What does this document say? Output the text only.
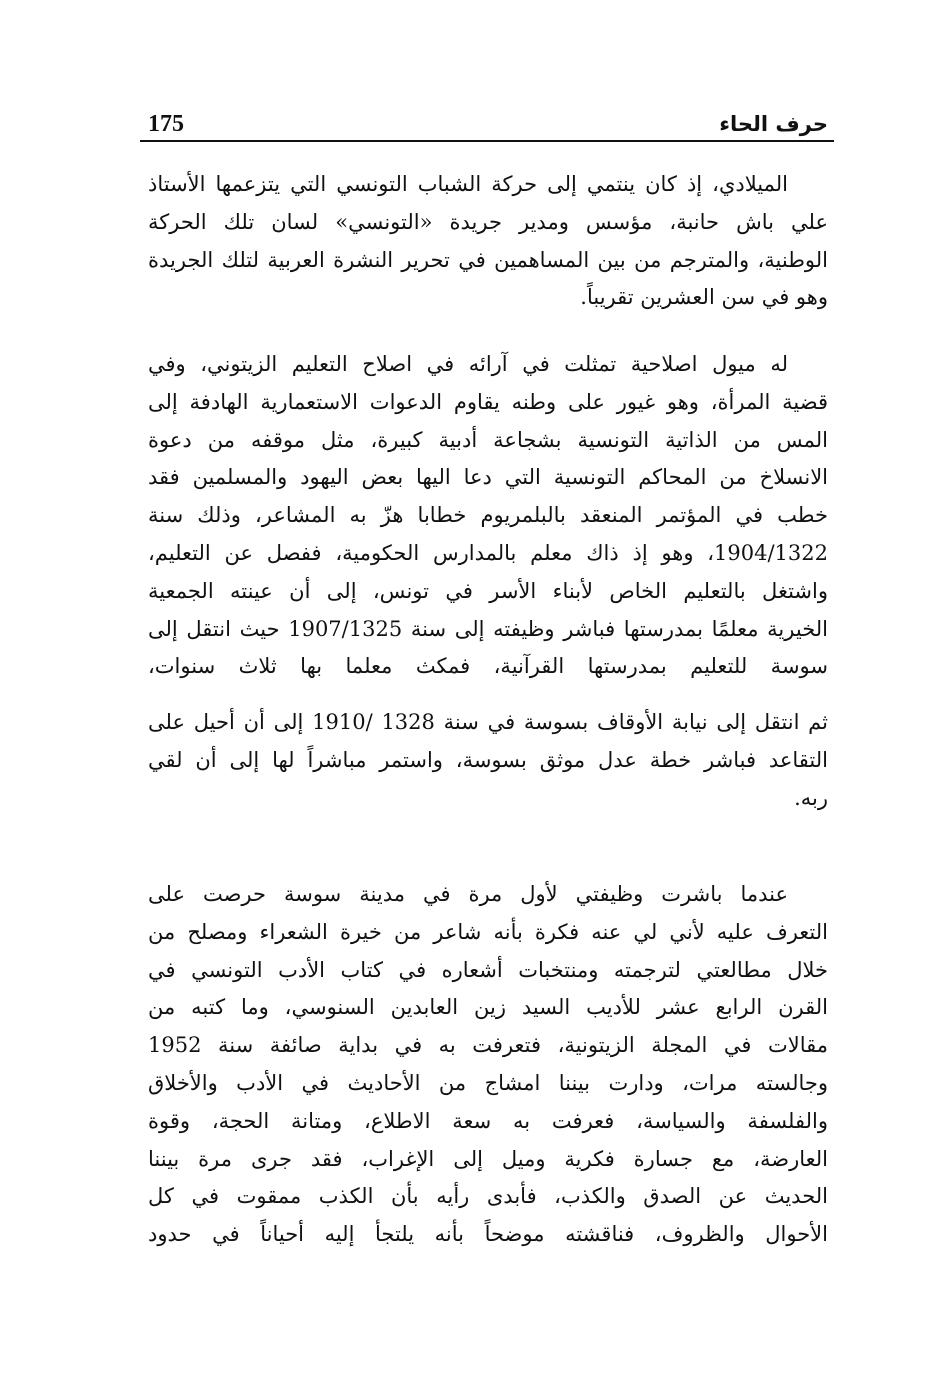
175	حرف الحاء
الميلادي، إذ كان ينتمي إلى حركة الشباب التونسي التي يتزعمها الأستاذ
علي باش حانبة، مؤسس ومدير جريدة «التونسي» لسان تلك الحركة
الوطنية، والمترجم من بين المساهمين في تحرير النشرة العربية لتلك الجريدة
وهو في سن العشرين تقريباً.
له ميول اصلاحية تمثلت في آرائه في اصلاح التعليم الزيتوني، وفي
قضية المرأة، وهو غيور على وطنه يقاوم الدعوات الاستعمارية الهادفة إلى
المس من الذاتية التونسية بشجاعة أدبية كبيرة، مثل موقفه من دعوة
الانسلاخ من المحاكم التونسية التي دعا اليها بعض اليهود والمسلمين فقد
خطب في المؤتمر المنعقد بالبلمريوم خطابا هزّ به المشاعر، وذلك سنة
1904/1322، وهو إذ ذاك معلم بالمدارس الحكومية، ففصل عن التعليم،
واشتغل بالتعليم الخاص لأبناء الأسر في تونس، إلى أن عينته الجمعية
الخيرية معلمًا بمدرستها فباشر وظيفته إلى سنة 1907/1325 حيث انتقل إلى
سوسة للتعليم بمدرستها القرآنية، فمكث معلما بها ثلاث سنوات،
ثم انتقل إلى نيابة الأوقاف بسوسة في سنة 1328 /1910 إلى أن أحيل على
التقاعد فباشر خطة عدل موثق بسوسة، واستمر مباشراً لها إلى أن لقي
ربه.
عندما باشرت وظيفتي لأول مرة في مدينة سوسة حرصت على
التعرف عليه لأني لي عنه فكرة بأنه شاعر من خيرة الشعراء ومصلح من
خلال مطالعتي لترجمته ومنتخبات أشعاره في كتاب الأدب التونسي في
القرن الرابع عشر للأديب السيد زين العابدين السنوسي، وما كتبه من
مقالات في المجلة الزيتونية، فتعرفت به في بداية صائفة سنة 1952
وجالسته مرات، ودارت بيننا امشاج من الأحاديث في الأدب والأخلاق
والفلسفة والسياسة، فعرفت به سعة الاطلاع، ومتانة الحجة، وقوة
العارضة، مع جسارة فكرية وميل إلى الإغراب، فقد جرى مرة بيننا
الحديث عن الصدق والكذب، فأبدى رأيه بأن الكذب ممقوت في كل
الأحوال والظروف، فناقشته موضحاً بأنه يلتجأ إليه أحياناً في حدود
